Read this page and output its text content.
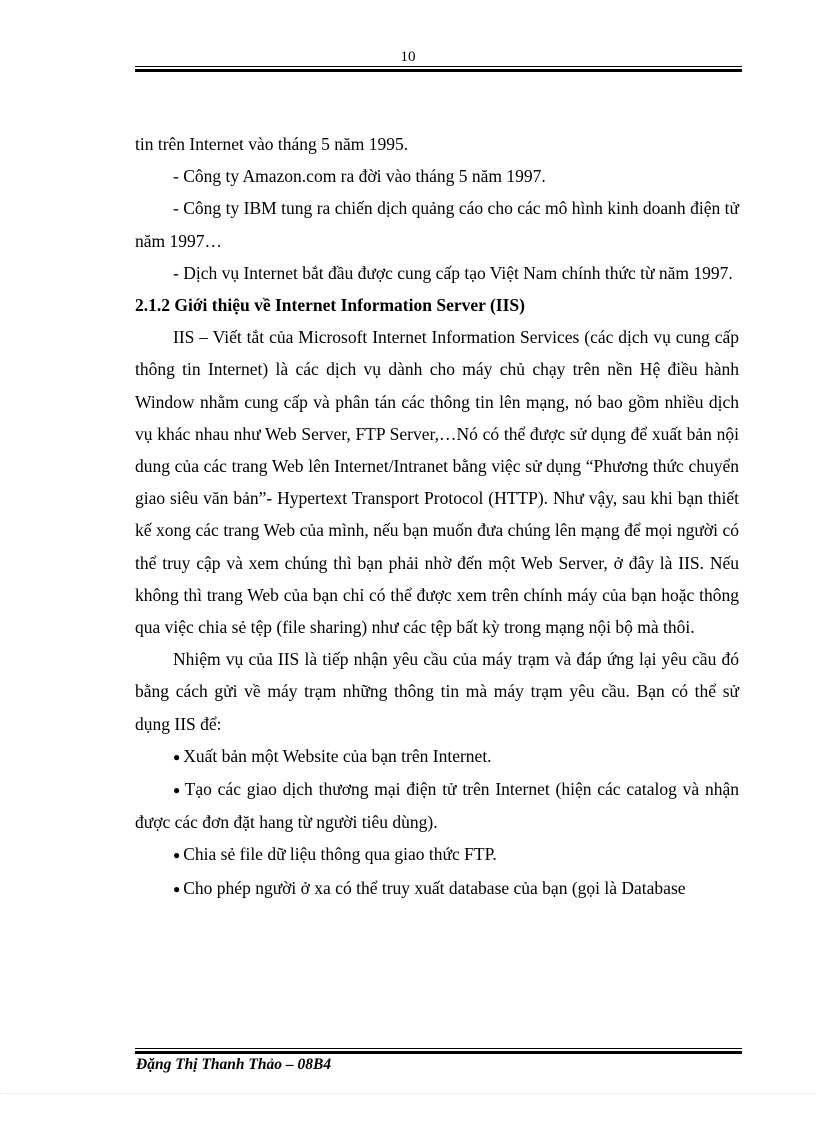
10

tin trên Internet vào tháng 5 năm 1995.

- Công ty Amazon.com ra đời vào tháng 5 năm 1997.

- Công ty IBM tung ra chiến dịch quảng cáo cho các mô hình kinh doanh điện tử năm 1997…

- Dịch vụ Internet bắt đầu được cung cấp tạo Việt Nam chính thức từ năm 1997.

2.1.2 Giới thiệu về Internet Information Server (IIS)

IIS – Viết tắt của Microsoft Internet Information Services (các dịch vụ cung cấp thông tin Internet) là các dịch vụ dành cho máy chủ chạy trên nền Hệ điều hành Window nhằm cung cấp và phân tán các thông tin lên mạng, nó bao gồm nhiều dịch vụ khác nhau như Web Server, FTP Server,…Nó có thể được sử dụng để xuất bản nội dung của các trang Web lên Internet/Intranet bằng việc sử dụng “Phương thức chuyển giao siêu văn bản”- Hypertext Transport Protocol (HTTP). Như vậy, sau khi bạn thiết kế xong các trang Web của mình, nếu bạn muốn đưa chúng lên mạng để mọi người có thể truy cập và xem chúng thì bạn phải nhờ đến một Web Server, ở đây là IIS. Nếu không thì trang Web của bạn chỉ có thể được xem trên chính máy của bạn hoặc thông qua việc chia sẻ tệp (file sharing) như các tệp bất kỳ trong mạng nội bộ mà thôi.

Nhiệm vụ của IIS là tiếp nhận yêu cầu của máy trạm và đáp ứng lại yêu cầu đó bằng cách gửi về máy trạm những thông tin mà máy trạm yêu cầu. Bạn có thể sử dụng IIS để:

● Xuất bản một Website của bạn trên Internet.

● Tạo các giao dịch thương mại điện tử trên Internet (hiện các catalog và nhận được các đơn đặt hang từ người tiêu dùng).

● Chia sẻ file dữ liệu thông qua giao thức FTP.

● Cho phép người ở xa có thể truy xuất database của bạn (gọi là Database

Đặng Thị Thanh Thảo – 08B4
